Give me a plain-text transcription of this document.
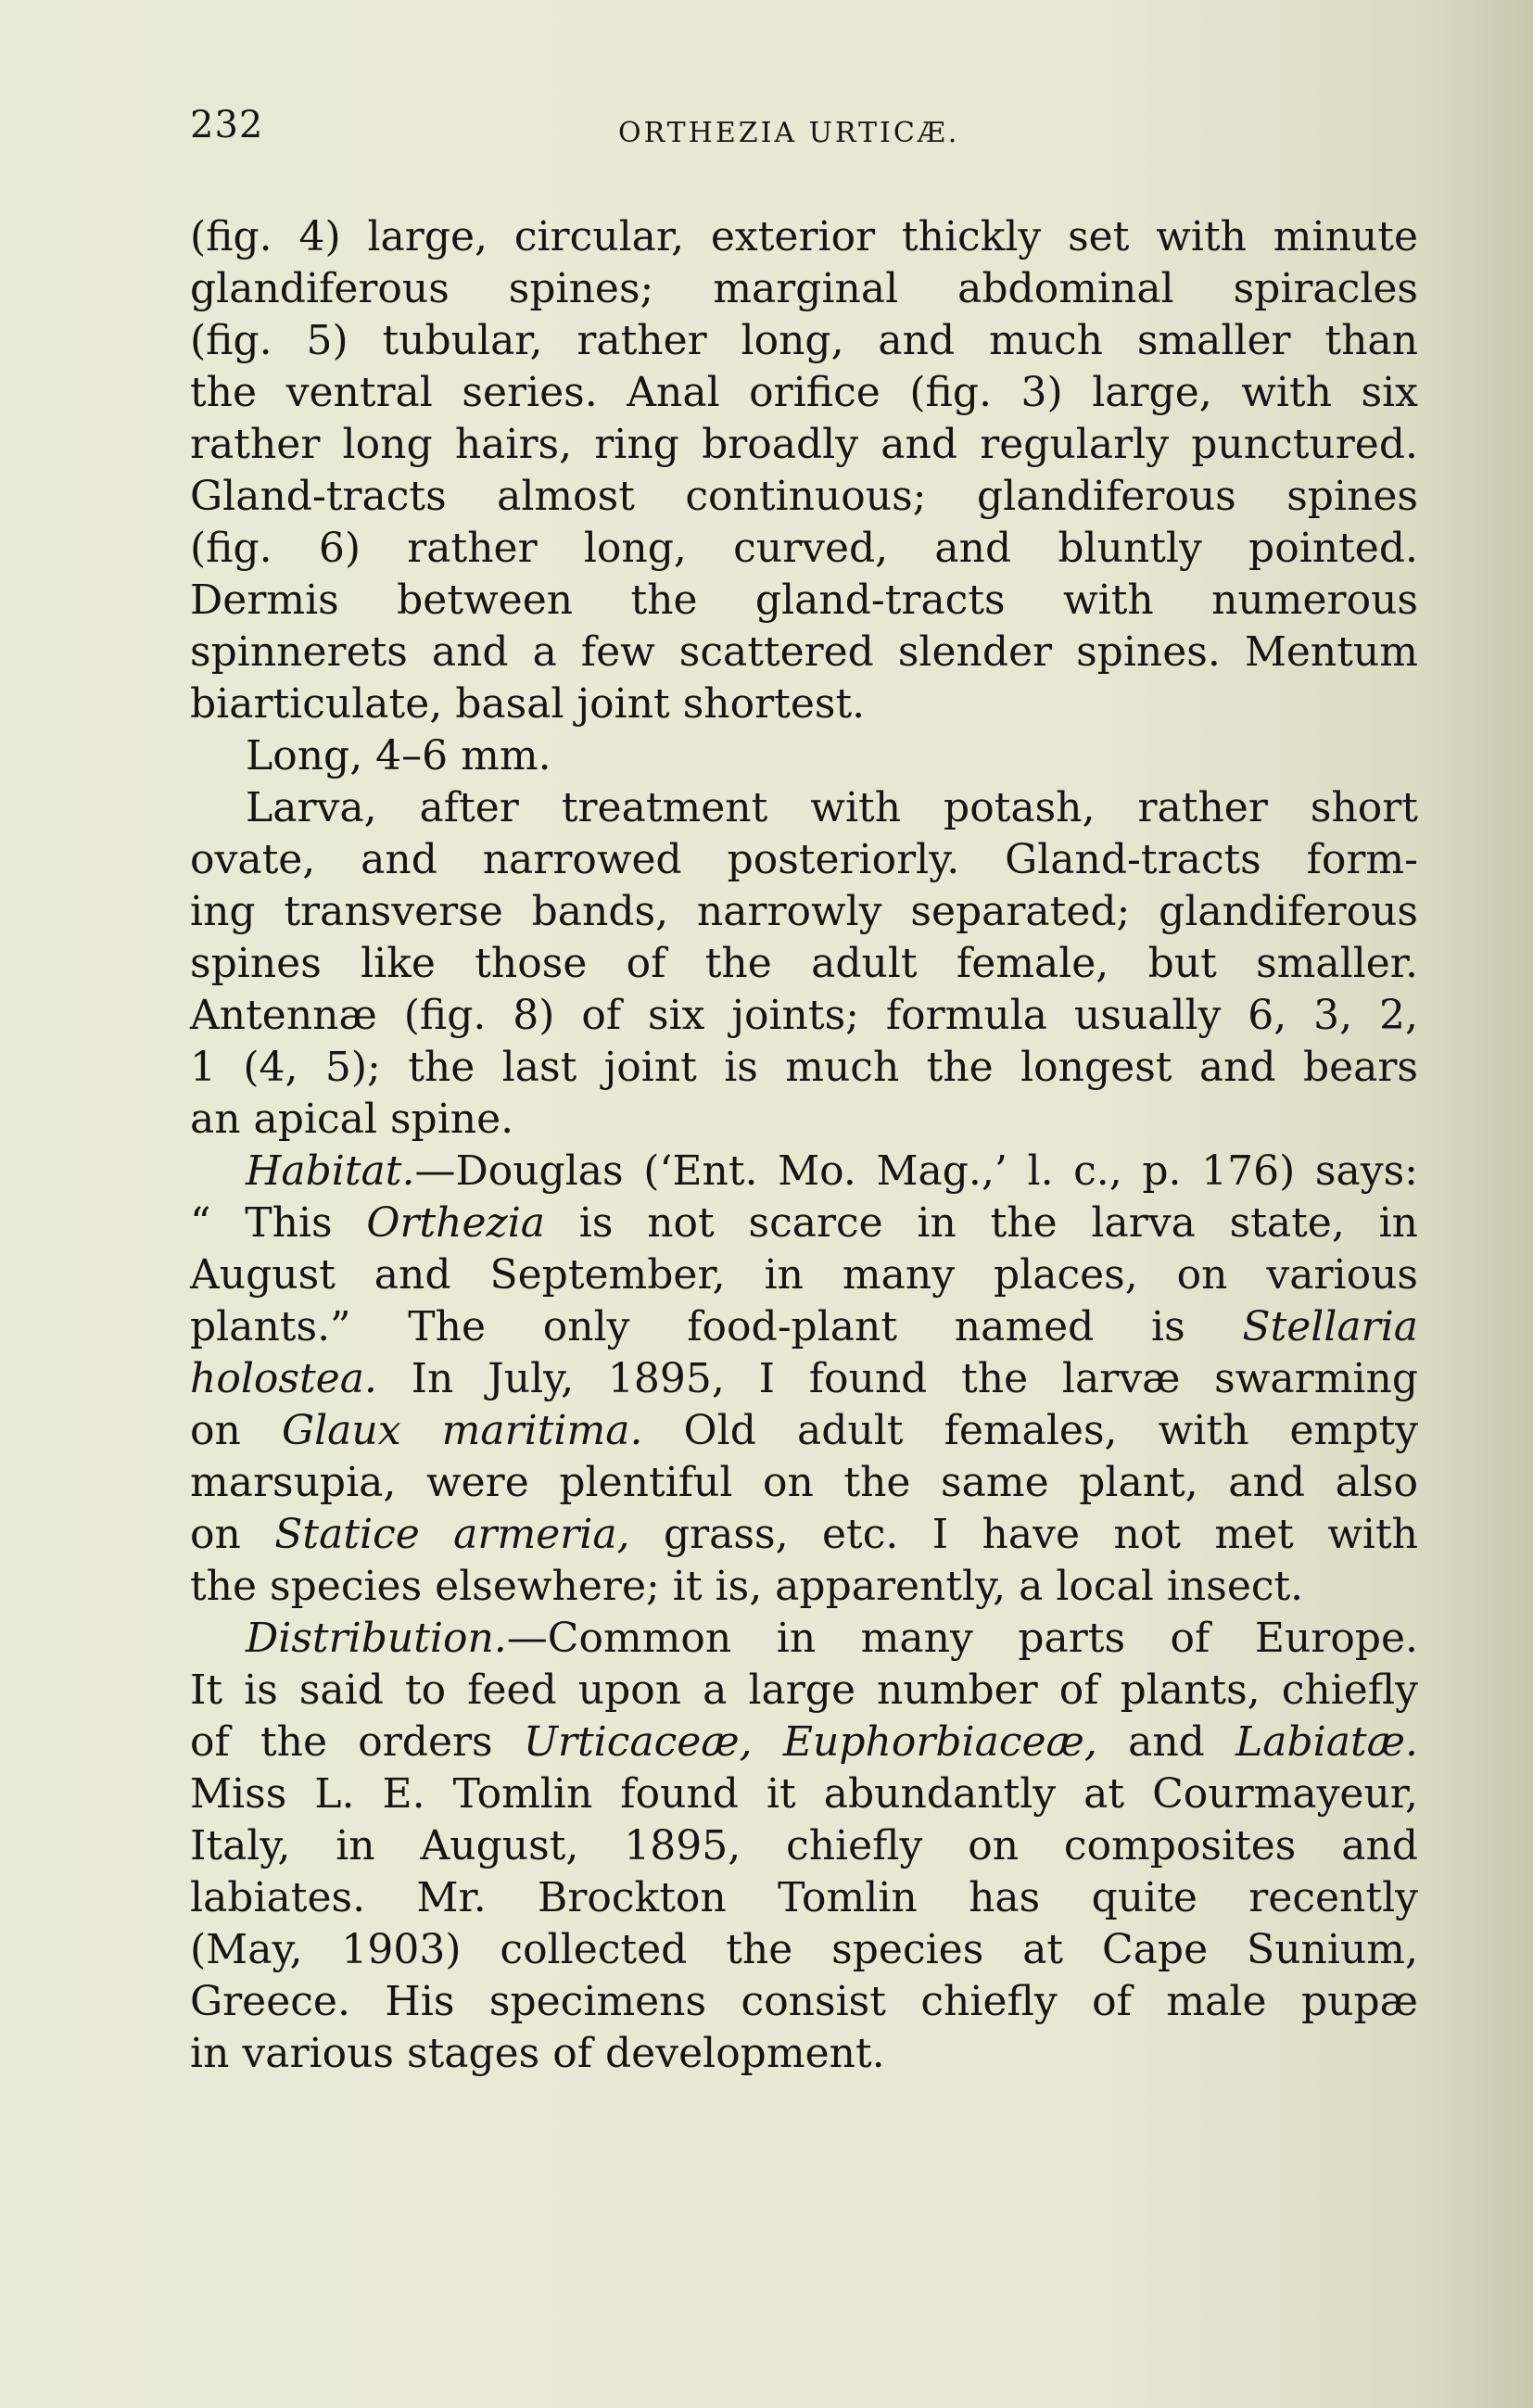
232	ORTHEZIA URTICÆ.
(fig. 4) large, circular, exterior thickly set with minute
glandiferous spines; marginal abdominal spiracles
(fig. 5) tubular, rather long, and much smaller than
the ventral series. Anal orifice (fig. 3) large, with six
rather long hairs, ring broadly and regularly punctured.
Gland-tracts almost continuous; glandiferous spines
(fig. 6) rather long, curved, and bluntly pointed.
Dermis between the gland-tracts with numerous
spinnerets and a few scattered slender spines. Mentum
biarticulate, basal joint shortest.
Long, 4–6 mm.
Larva, after treatment with potash, rather short
ovate, and narrowed posteriorly. Gland-tracts form-
ing transverse bands, narrowly separated; glandiferous
spines like those of the adult female, but smaller.
Antennæ (fig. 8) of six joints; formula usually 6, 3, 2,
1 (4, 5); the last joint is much the longest and bears
an apical spine.
Habitat.—Douglas (‘Ent. Mo. Mag.,’ l. c., p. 176) says:
“ This Orthezia is not scarce in the larva state, in
August and September, in many places, on various
plants.” The only food-plant named is Stellaria
holostea. In July, 1895, I found the larvæ swarming
on Glaux maritima. Old adult females, with empty
marsupia, were plentiful on the same plant, and also
on Statice armeria, grass, etc. I have not met with
the species elsewhere; it is, apparently, a local insect.
Distribution.—Common in many parts of Europe.
It is said to feed upon a large number of plants, chiefly
of the orders Urticaceæ, Euphorbiaceæ, and Labiatæ.
Miss L. E. Tomlin found it abundantly at Courmayeur,
Italy, in August, 1895, chiefly on composites and
labiates. Mr. Brockton Tomlin has quite recently
(May, 1903) collected the species at Cape Sunium,
Greece. His specimens consist chiefly of male pupæ
in various stages of development.
